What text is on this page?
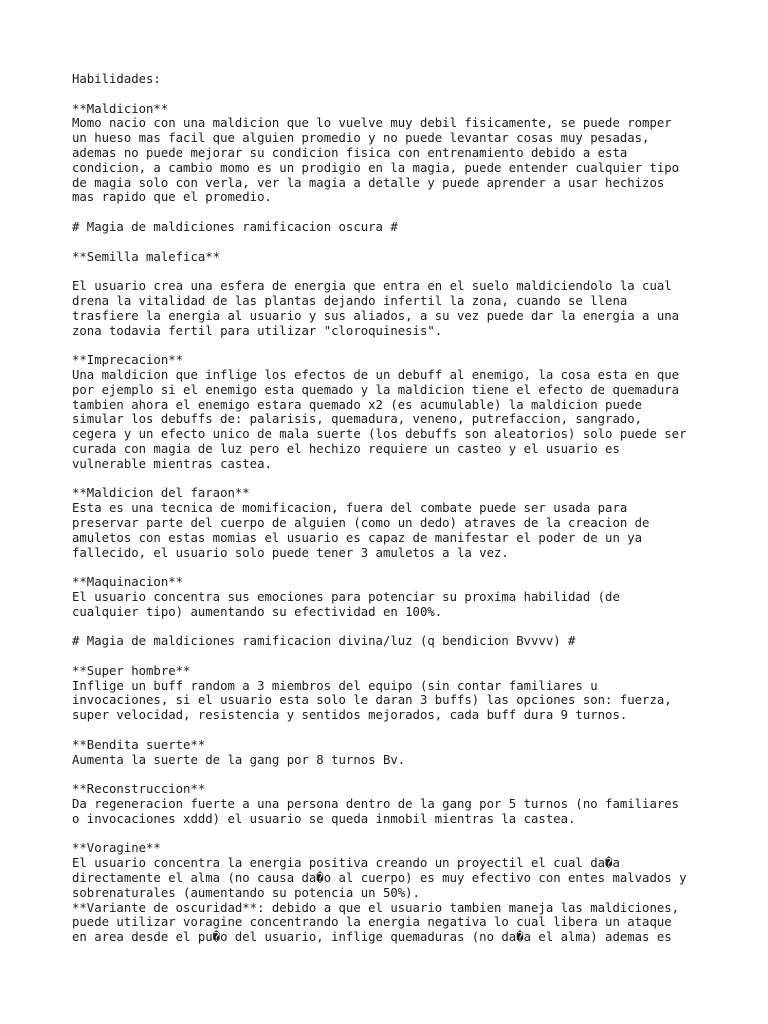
Habilidades:
**Maldicion**
Momo nacio con una maldicion que lo vuelve muy debil fisicamente, se puede romper
un hueso mas facil que alguien promedio y no puede levantar cosas muy pesadas,
ademas no puede mejorar su condicion fisica con entrenamiento debido a esta
condicion, a cambio momo es un prodigio en la magia, puede entender cualquier tipo
de magia solo con verla, ver la magia a detalle y puede aprender a usar hechizos
mas rapido que el promedio.
# Magia de maldiciones ramificacion oscura #
**Semilla malefica**
El usuario crea una esfera de energia que entra en el suelo maldiciendolo la cual
drena la vitalidad de las plantas dejando infertil la zona, cuando se llena
trasfiere la energia al usuario y sus aliados, a su vez puede dar la energia a una
zona todavia fertil para utilizar "cloroquinesis".
**Imprecacion**
Una maldicion que inflige los efectos de un debuff al enemigo, la cosa esta en que
por ejemplo si el enemigo esta quemado y la maldicion tiene el efecto de quemadura
tambien ahora el enemigo estara quemado x2 (es acumulable) la maldicion puede
simular los debuffs de: palarisis, quemadura, veneno, putrefaccion, sangrado,
cegera y un efecto unico de mala suerte (los debuffs son aleatorios) solo puede ser
curada con magia de luz pero el hechizo requiere un casteo y el usuario es
vulnerable mientras castea.
**Maldicion del faraon**
Esta es una tecnica de momificacion, fuera del combate puede ser usada para
preservar parte del cuerpo de alguien (como un dedo) atraves de la creacion de
amuletos con estas momias el usuario es capaz de manifestar el poder de un ya
fallecido, el usuario solo puede tener 3 amuletos a la vez.
**Maquinacion**
El usuario concentra sus emociones para potenciar su proxima habilidad (de
cualquier tipo) aumentando su efectividad en 100%.
# Magia de maldiciones ramificacion divina/luz (q bendicion Bvvvv) #
**Super hombre**
Inflige un buff random a 3 miembros del equipo (sin contar familiares u
invocaciones, si el usuario esta solo le daran 3 buffs) las opciones son: fuerza,
super velocidad, resistencia y sentidos mejorados, cada buff dura 9 turnos.
**Bendita suerte**
Aumenta la suerte de la gang por 8 turnos Bv.
**Reconstruccion**
Da regeneracion fuerte a una persona dentro de la gang por 5 turnos (no familiares
o invocaciones xddd) el usuario se queda inmobil mientras la castea.
**Voragine**
El usuario concentra la energia positiva creando un proyectil el cual da�a
directamente el alma (no causa da�o al cuerpo) es muy efectivo con entes malvados y
sobrenaturales (aumentando su potencia un 50%).
**Variante de oscuridad**: debido a que el usuario tambien maneja las maldiciones,
puede utilizar voragine concentrando la energia negativa lo cual libera un ataque
en area desde el pu�o del usuario, inflige quemaduras (no da�a el alma) ademas es
